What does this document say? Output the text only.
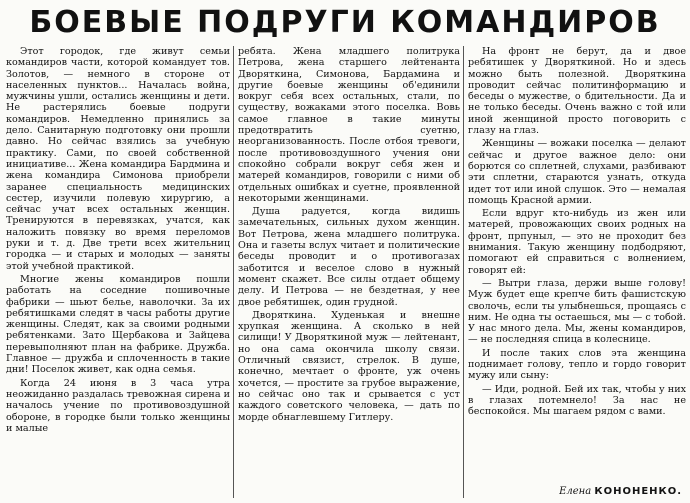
БОЕВЫЕ ПОДРУГИ КОМАНДИРОВ

Этот городок, где живут семьи командиров части, которой командует тов. Золотов, — немного в стороне от населенных пунктов... Началась война, мужчины ушли, остались женщины и дети. Не растерялись боевые подруги командиров. Немедленно принялись за дело. Санитарную подготовку они прошли давно. Но сейчас взялись за учебную практику. Сами, по своей собственной инициативе... Жена командира Бардмина и жена командира Симонова приобрели заранее специальность медицинских сестер, изучили полевую хирургию, а сейчас учат всех остальных женщин. Тренируются в перевязках, учатся, как наложить повязку во время переломов руки и т. д. Две трети всех жительниц городка — и старых и молодых — заняты этой учебной практикой.

Многие жены командиров пошли работать на соседние пошивочные фабрики — шьют белье, наволочки. За их ребятишками следят в часы работы другие женщины. Следят, как за своими родными ребятенками. Зато Щербакова и Зайцева перевыполняют план на фабрике. Дружба. Главное — дружба и сплоченность в такие дни! Поселок живет, как одна семья.

Когда 24 июня в 3 часа утра неожиданно раздалась тревожная сирена и началось учение по противовоздушной обороне, в городке были только женщины и малые

ребята. Жена младшего политрука Петрова, жена старшего лейтенанта Дворяткина, Симонова, Бардамина и другие боевые женщины об'единили вокруг себя всех остальных, стали, по существу, вожаками этого поселка. Вовь самое главное в такие минуты предотвратить суетню, неорганизованность. После отбоя тревоги, после противовоздушного учения они спокойно собрали вокруг себя жен и матерей командиров, говорили с ними об отдельных ошибках и суетне, проявленной некоторыми женщинами.

Душа радуется, когда видишь замечательных, сильных духом женщин. Вот Петрова, жена младшего политрука. Она и газеты вслух читает и политические беседы проводит и о противогазах заботится и веселое слово в нужный момент скажет. Все силы отдает общему делу. И Петрова — не бездетная, у нее двое ребятишек, один грудной.

Дворяткина. Худенькая и внешне хрупкая женщина. А сколько в ней силищи! У Дворяткиной муж — лейтенант, но она сама окончила школу связи. Отличный связист, стрелок. В душе, конечно, мечтает о фронте, уж очень хочется, — простите за грубое выражение, но сейчас оно так и срывается с уст каждого советского человека, — дать по морде обнаглевшему Гитлеру.

На фронт не берут, да и двое ребятишек у Дворяткиной. Но и здесь можно быть полезной. Дворяткина проводит сейчас политинформацию и беседы о мужестве, о бдительности. Да и не только беседы. Очень важно с той или иной женщиной просто поговорить с глазу на глаз.

Женщины — вожаки поселка — делают сейчас и другое важное дело: они борются со сплетней, слухами, разбивают эти сплетни, стараются узнать, откуда идет тот или иной слушок. Это — немалая помощь Красной армии.

Если вдруг кто-нибудь из жен или матерей, провожающих своих родных на фронт, прпуныл, — это не проходит без внимания. Такую женщину подбодряют, помогают ей справиться с волнением, говорят ей:

— Вытри глаза, держи выше голову! Муж будет еще крепче бить фашистскую сволочь, если ты улыбнешься, прощаясь с ним. Не одна ты остаешься, мы — с тобой. У нас много дела. Мы, жены командиров, — не последняя спица в колеснице.

И после таких слов эта женщина поднимает голову, тепло и гордо говорит мужу или сыну:

— Иди, родной. Бей их так, чтобы у них в глазах потемнело! За нас не беспокойся. Мы шагаем рядом с вами.

Елена КОНОНЕНКО.
